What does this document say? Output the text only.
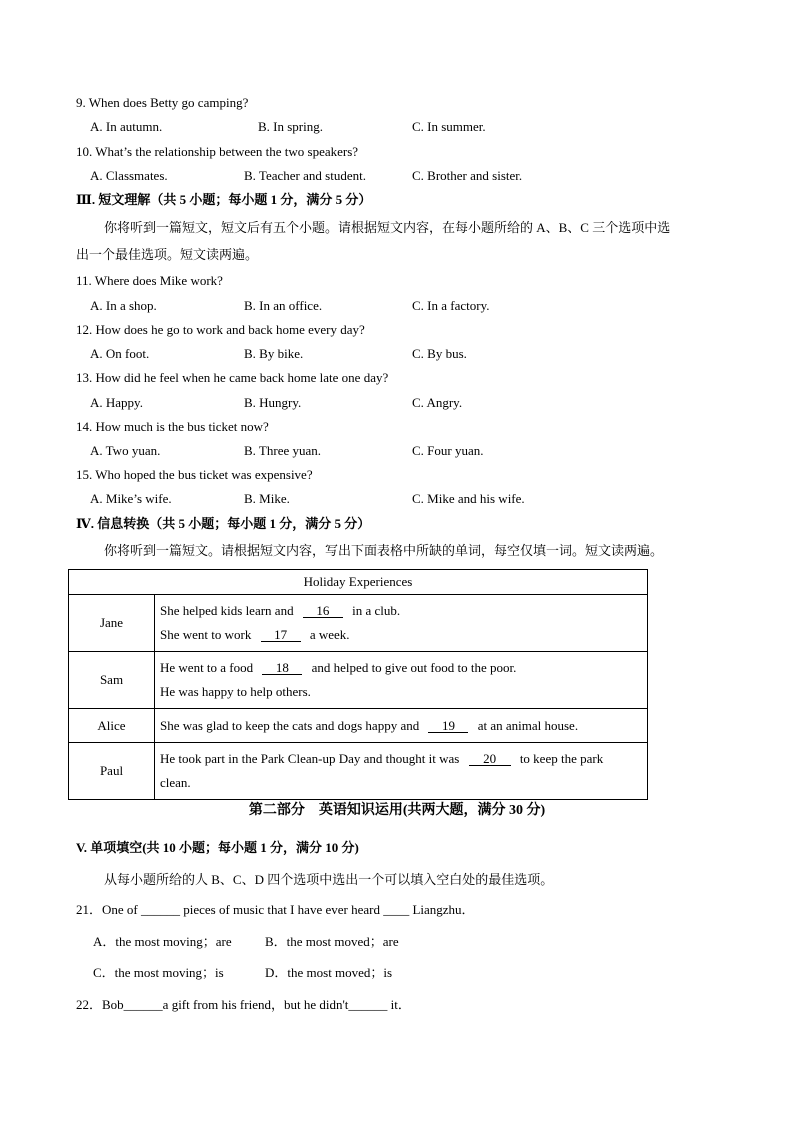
9. When does Betty go camping?
A. In autumn.	B. In spring.	C. In summer.
10. What’s the relationship between the two speakers?
A. Classmates.	B. Teacher and student.	C. Brother and sister.
Ⅲ. 短文理解（共 5 小题；每小题 1 分，满分 5 分）
你将听到一篇短文，短文后有五个小题。请根据短文内容，在每小题所给的 A、B、C 三个选项中选
出一个最佳选项。短文读两遍。
11. Where does Mike work?
A. In a shop.	B. In an office.	C. In a factory.
12. How does he go to work and back home every day?
A. On foot.	B. By bike.	C. By bus.
13. How did he feel when he came back home late one day?
A. Happy.	B. Hungry.	C. Angry.
14. How much is the bus ticket now?
A. Two yuan.	B. Three yuan.	C. Four yuan.
15. Who hoped the bus ticket was expensive?
A. Mike’s wife.	B. Mike.	C. Mike and his wife.
Ⅳ. 信息转换（共 5 小题；每小题 1 分，满分 5 分）
你将听到一篇短文。请根据短文内容，写出下面表格中所缺的单词，每空仅填一词。短文读两遍。
Holiday Experiences	
Jane	She helped kids learn and 16 in a club.
She went to work 17 a week.

Sam	He went to a food 18 and helped to give out food to the poor.
He was happy to help others.

Alice	She was glad to keep the cats and dogs happy and 19 at an animal house.

Paul	He took part in the Park Clean-up Day and thought it was 20 to keep the park
clean.
第二部分　英语知识运用(共两大题，满分 30 分)
V. 单项填空(共 10 小题；每小题 1 分，满分 10 分)
从每小题所给的人 B、C、D 四个选项中选出一个可以填入空白处的最佳选项。
21．One of ______ pieces of music that I have ever heard ____ Liangzhu．
A．the most moving；are	B．the most moved；are
C．the most moving；is	D．the most moved；is
22．Bob______a gift from his friend，but he didn't______ it．
